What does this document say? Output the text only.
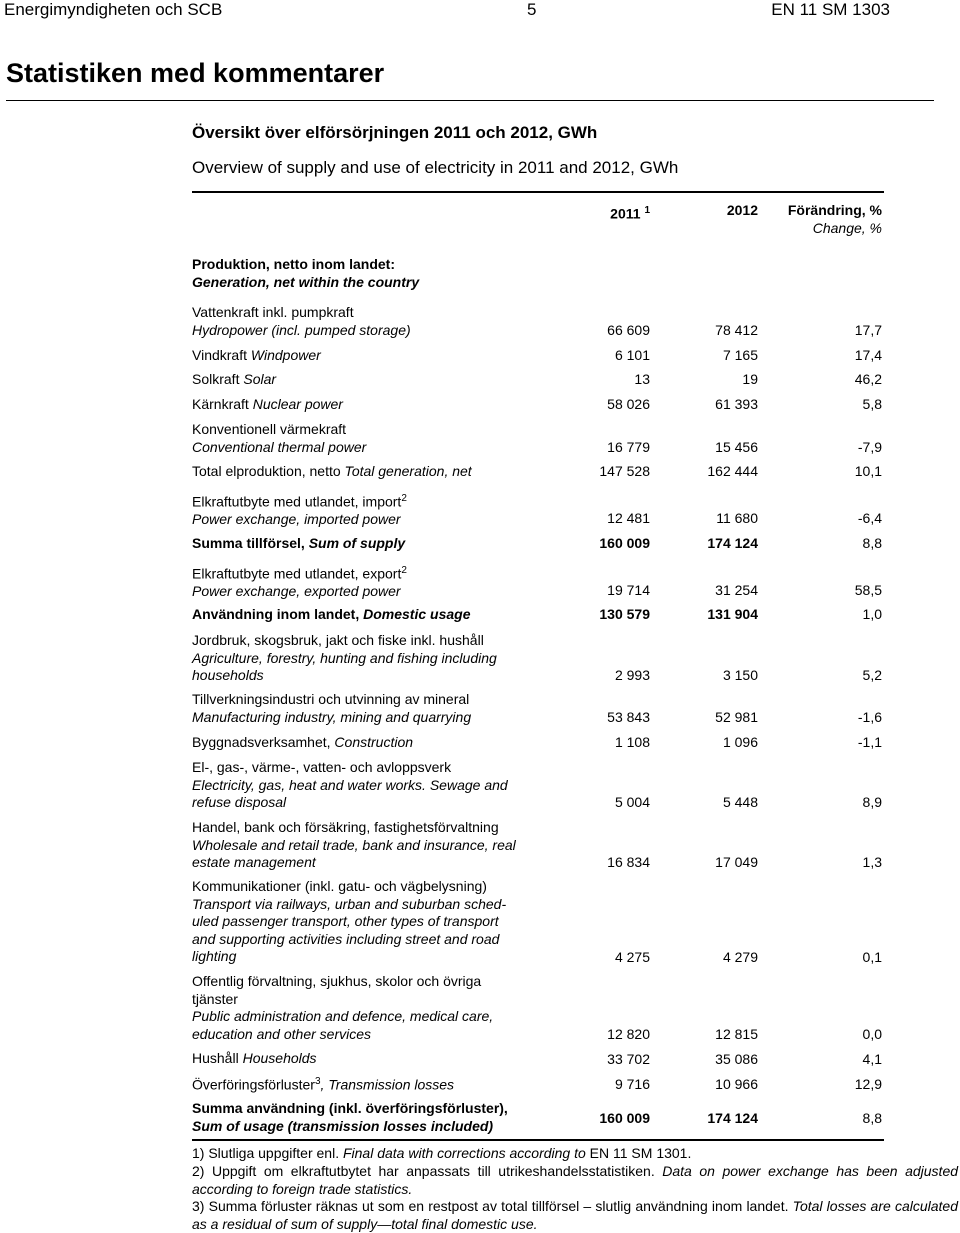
Energimyndigheten och SCB	5	EN 11 SM 1303
Statistiken med kommentarer
Översikt över elförsörjningen 2011 och 2012, GWh
Overview of supply and use of electricity in 2011 and 2012, GWh
2011 $^1$	2012	Förändring, %
Change, %
Produktion, netto inom landet:
Generation, net within the country
Vattenkraft inkl. pumpkraft
Hydropower (incl. pumped storage)	66 609	78 412	17,7
Vindkraft Windpower	6 101	7 165	17,4
Solkraft Solar	13	19	46,2
Kärnkraft Nuclear power	58 026	61 393	5,8
Konventionell värmekraft
Conventional thermal power	16 779	15 456	-7,9
Total elproduktion, netto Total generation, net	147 528	162 444	10,1
Elkraftutbyte med utlandet, import$^2$
Power exchange, imported power	12 481	11 680	-6,4
Summa tillförsel, Sum of supply	160 009	174 124	8,8
Elkraftutbyte med utlandet, export$^2$
Power exchange, exported power	19 714	31 254	58,5
Användning inom landet, Domestic usage	130 579	131 904	1,0
Jordbruk, skogsbruk, jakt och fiske inkl. hushåll
Agriculture, forestry, hunting and fishing including
households	2 993	3 150	5,2
Tillverkningsindustri och utvinning av mineral
Manufacturing industry, mining and quarrying	53 843	52 981	-1,6
Byggnadsverksamhet, Construction	1 108	1 096	-1,1
El-, gas-, värme-, vatten- och avloppsverk
Electricity, gas, heat and water works. Sewage and
refuse disposal	5 004	5 448	8,9
Handel, bank och försäkring, fastighetsförvaltning
Wholesale and retail trade, bank and insurance, real
estate management	16 834	17 049	1,3
Kommunikationer (inkl. gatu- och vägbelysning)
Transport via railways, urban and suburban sched-
uled passenger transport, other types of transport
and supporting activities including street and road
lighting	4 275	4 279	0,1
Offentlig förvaltning, sjukhus, skolor och övriga
tjänster
Public administration and defence, medical care,
education and other services	12 820	12 815	0,0
Hushåll Households	33 702	35 086	4,1
Överföringsförluster$^3$, Transmission losses	9 716	10 966	12,9
Summa användning (inkl. överföringsförluster),
Sum of usage (transmission losses included)	160 009	174 124	8,8
1) Slutliga uppgifter enl. Final data with corrections according to EN 11 SM 1301.
2) Uppgift om elkraftutbytet har anpassats till utrikeshandelsstatistiken. Data on power exchange has been adjusted according to foreign trade statistics.
3) Summa förluster räknas ut som en restpost av total tillförsel – slutlig användning inom landet. Total losses are calculated as a residual of sum of supply—total final domestic use.
